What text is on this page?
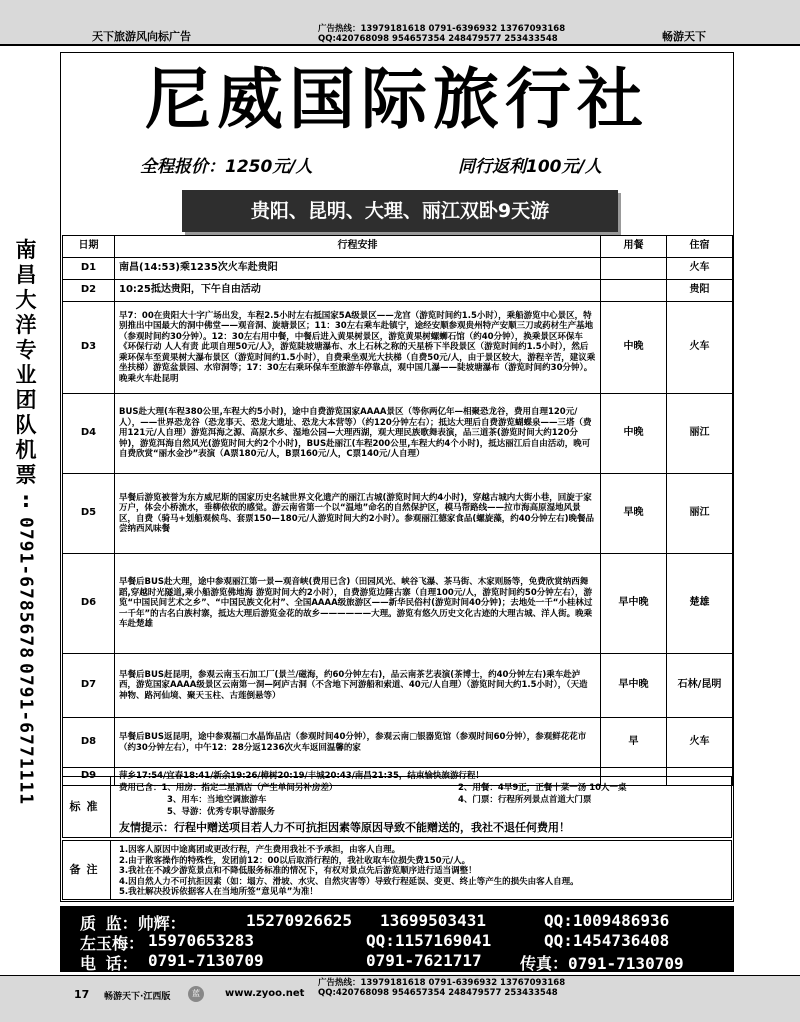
天下旅游风向标广告
广告热线：13979181618 0791-6396932 13767093168
QQ:420768098 954657354 248479577 253433548	畅游天下
南
昌
大
洋
专
业
团
队
机
票
:
0791-6785678
0791-6771111
尼威国际旅行社
全程报价：1250元/人	同行返利100元/人
贵阳、昆明、大理、丽江双卧9天游
日期	行程安排	用餐	住宿
D1	南昌(14:53)乘1235次火车赴贵阳		火车
D2	10:25抵达贵阳，下午自由活动		贵阳
D3	早7：00在贵阳大十字广场出发，车程2.5小时左右抵国家5A级景区——龙宫（游览时间约1.5小时），乘船游览中心景区，特别推出中国最大的洞中佛堂——观音洞、旋塘景区；11：30左右乘车赴镇宁，途经安顺参观贵州特产安顺三刀或药材生产基地（参观时间约30分钟）。12：30左右用中餐，中餐后进入黄果树景区，游览黄果树螺蛳石馆（约40分钟），换乘景区环保车《环保行动 人人有责 此项自理50元/人》，游览陡坡塘瀑布、水上石林之称的天星桥下半段景区（游览时间约1.5小时），然后乘环保车至黄果树大瀑布景区（游览时间约1.5小时），自费乘坐观光大扶梯（自费50元/人，由于景区较大，游程辛苦，建议乘坐扶梯）游览盆景园、水帘洞等；17：30左右乘环保车至旅游车停靠点，观中国几瀑——陡坡塘瀑布（游览时间约30分钟）。晚乘火车赴昆明	中晚	火车
D4	BUS赴大理(车程380公里,车程大约5小时)，途中自费游览国家AAAA景区（等你两亿年—相聚恐龙谷，费用自理120元/人），——世界恐龙谷（恐龙事天、恐龙大遗址、恐龙大本营等）（约120分钟左右）；抵达大理后自费游览蝴蝶泉——三塔（费用121元/人自理）游览洱海之源、高原水乡、湿地公园—大理西湖，观大理民族歌舞表演，品三道茶(游览时间大约120分钟)，游览洱海自然风光(游览时间大约2个小时)，BUS赴丽江(车程200公里,车程大约4个小时)，抵达丽江后自由活动，晚可自费欣赏“丽水金沙”表演（A票180元/人，B票160元/人，C票140元/人自理）	中晚	丽江
D5	早餐后游览被誉为东方威尼斯的国家历史名城世界文化遗产的丽江古城(游览时间大约4小时)，穿越古城内大街小巷，回旋于家万户，体会小桥流水，垂柳依依的感觉。游云南省第一个以“温地”命名的自然保护区，模马帮路线——拉市海高原湿地风景区，自费（骑马+划船观候鸟、套票150—180元/人游览时间大约2小时）。参观丽江德家食品(螺旋藻，约40分钟左右)晚餐品尝纳西风味餐	早晚	丽江
D6	早餐后BUS赴大理，途中参观丽江第一景—观音峡(费用已含)（田园风光、峡谷飞瀑、茶马街、木家则肠等，免费欣赏纳西舞蹈,穿越时光隧道,乘小船游览佛地海 游览时间大约2小时），自费游览边陲古寨（自理100元/人，游览时间约50分钟左右），游览“中国民间艺术之乡”、“中国民族文化村”、全国AAAA级旅游区——新华民俗村(游览时间40分钟)；去地处一千“小桂林过一千年”的古名白族村寨，抵达大理后游览金花的故乡——————大理。游览有悠久历史文化古迹的大理古城、洋人街。晚乘车赴楚雄	早中晚	楚雄
D7	早餐后BUS赶昆明，参观云南玉石加工厂(景兰/磁海，约60分钟左右)，品云南茶艺表演(茶博士，约40分钟左右)乘车赴泸西，游览国家AAAA级景区云南第一洞—阿庐古洞（不含地下河游船和索道、40元/人自理）（游览时间大约1.5小时），（天造神物、路河仙境、聚天玉柱、古莲倒悬等）	早中晚	石林/昆明
D8	早餐后BUS返昆明，途中参观福□水晶饰品店（参观时间40分钟），参观云南□银器览馆（参观时间60分钟），参观鲜花花市（约30分钟左右），中午12：28分返1236次火车返回温馨的家	早	火车
D9	萍乡17:54/宜春18:41/新余19:26/樟树20:19/丰城20:43/南昌21:35，结束愉快旅游行程！		
标准
费用已含：1、用房：指定二星酒店（产生单间另补房差）	2、用餐：4早9正，正餐十菜一汤 10人一桌
3、用车：当地空调旅游车	4、门票：行程所列景点首道大门票
5、导游：优秀专职导游服务
友情提示：行程中赠送项目若人力不可抗拒因素等原因导致不能赠送的，我社不退任何费用！
备注
1.因客人原因中途离团或更改行程，产生费用我社不予承担，由客人自理。
2.由于散客操作的特殊性，发团前12：00以后取消行程的，我社收取车位损失费150元/人。
3.我社在不减少游览景点和不降低服务标准的情况下，有权对景点先后游览顺序进行适当调整！
4.因自然人力不可抗拒因素（如：塌方、滑坡、水灾、自然灾害等）导致行程延误、变更、终止等产生的损失由客人自理。
5.我社解决投诉依据客人在当地所签“意见单”为准！
质 监：帅辉：	15270926625 13699503431	QQ:1009486936
左玉梅： 15970653283	QQ:1157169041	QQ:1454736408
电 话： 0791-7130709	0791-7621717 传真：0791-7130709
17 畅游天下·江西版	蓝	www.zyoo.net
广告热线：13979181618 0791-6396932 13767093168
QQ:420768098 954657354 248479577 253433548
